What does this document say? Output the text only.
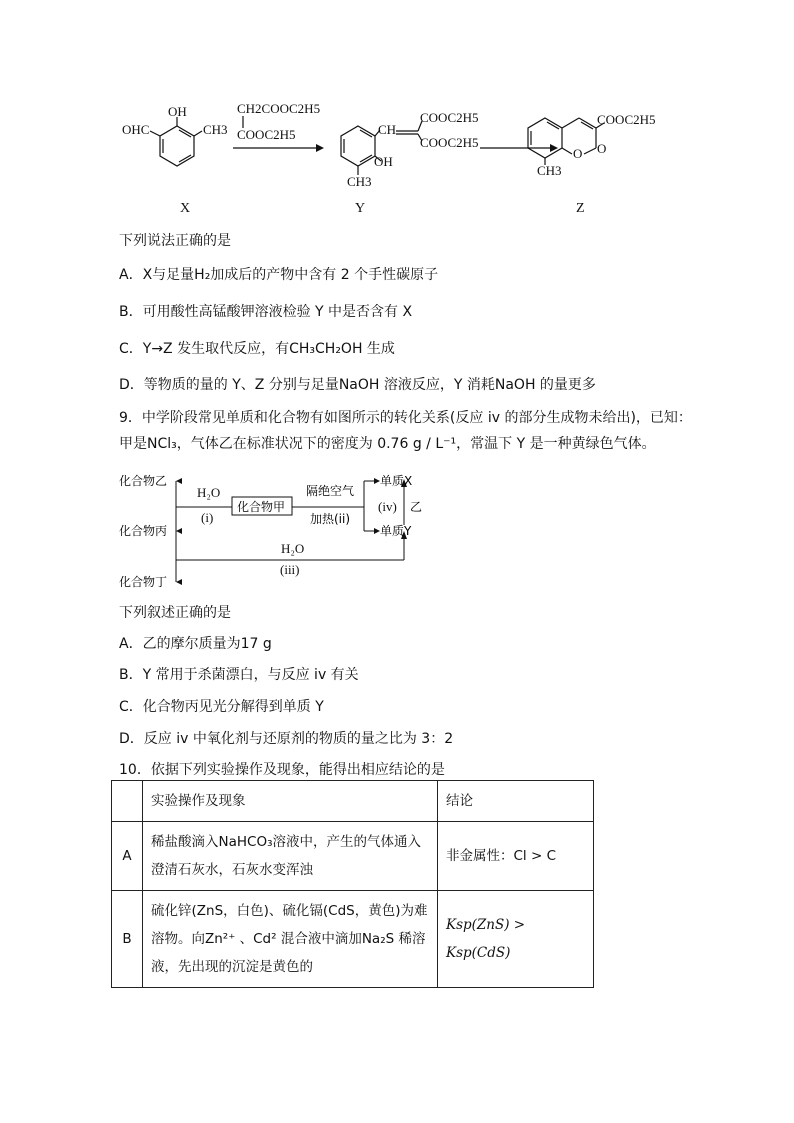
OHC
OH
CH3
X
CH2COOC2H5
COOC2H5	CH
COOC2H5
COOC2H5
OH
CH3
Y
COOC2H5
O O
CH3
Z
下列说法正确的是
A．X与足量H₂加成后的产物中含有 2 个手性碳原子
B．可用酸性高锰酸钾溶液检验 Y 中是否含有 X
C．Y→Z 发生取代反应，有CH₃CH₂OH 生成
D．等物质的量的 Y、Z 分别与足量NaOH 溶液反应，Y 消耗NaOH 的量更多
9．中学阶段常见单质和化合物有如图所示的转化关系(反应 iv 的部分生成物未给出)，已知：
甲是NCl₃，气体乙在标准状况下的密度为 0.76 g / L⁻¹，常温下 Y 是一种黄绿色气体。
化合物乙
化合物丙
化合物丁
化合物甲
H₂O
(i)
隔绝空气
加热(ii)
单质X
单质Y
(iv) 乙
H₂O
(iii)
下列叙述正确的是
A．乙的摩尔质量为17 g
B．Y 常用于杀菌漂白，与反应 iv 有关
C．化合物丙见光分解得到单质 Y
D．反应 iv 中氧化剂与还原剂的物质的量之比为 3：2
10．依据下列实验操作及现象，能得出相应结论的是
	实验操作及现象	结论
A	稀盐酸滴入NaHCO₃溶液中，产生的气体通入
澄清石灰水，石灰水变浑浊	非金属性：Cl > C
B	硫化锌(ZnS，白色)、硫化镉(CdS，黄色)为难
溶物。向Zn²⁺ 、Cd² 混合液中滴加Na₂S 稀溶
液，先出现的沉淀是黄色的	Ksp(ZnS) > Ksp(CdS)
